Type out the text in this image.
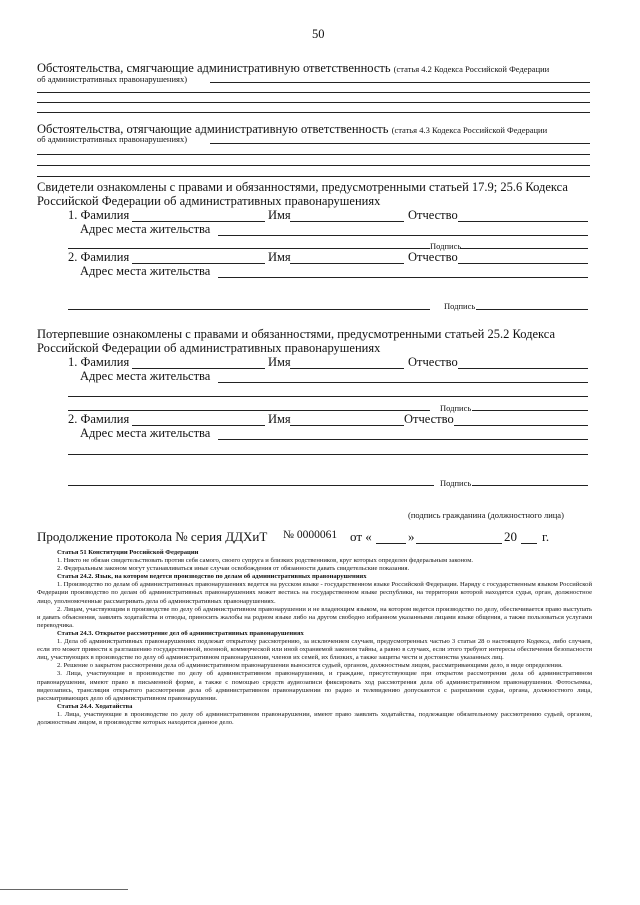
50
Обстоятельства, смягчающие административную ответственность (статья 4.2 Кодекса Российской Федерации
об административных правонарушениях)
Обстоятельства, отягчающие административную ответственность (статья 4.3 Кодекса Российской Федерации
об административных правонарушениях)
Свидетели ознакомлены с правами и обязанностями, предусмотренными статьей 17.9; 25.6 Кодекса
Российской Федерации об административных правонарушениях
1. Фамилия	Имя	Отчество
Адрес места жительства
Подпись
2. Фамилия	Имя	Отчество
Адрес места жительства
Подпись
Потерпевшие ознакомлены с правами и обязанностями, предусмотренными статьей 25.2 Кодекса
Российской Федерации об административных правонарушениях
1. Фамилия	Имя	Отчество
Адрес места жительства
Подпись
2. Фамилия	Имя	Отчество
Адрес места жительства
Подпись
(подпись гражданина (должностного лица)
Продолжение протокола № серия ДДХиТ № 0000061 от «	»	20 г.

Статья 51 Конституции Российской Федерации

1. Никто не обязан свидетельствовать против себя самого, своего супруга и близких родственников, круг которых определен федеральным законом.

2. Федеральным законом могут устанавливаться иные случаи освобождения от обязанности давать свидетельские показания.

Статья 24.2. Язык, на котором ведется производство по делам об административных правонарушениях

1. Производство по делам об административных правонарушениях ведется на русском языке - государственном языке Российской Федерации. Наряду с государственным языком Российской Федерации производство по делам об административных правонарушениях может вестись на государственном языке республики, на территории которой находятся судья, орган, должностное лицо, уполномоченные рассматривать дела об административных правонарушениях.

2. Лицам, участвующим в производстве по делу об административном правонарушении и не владеющим языком, на котором ведется производство по делу, обеспечивается право выступать и давать объяснения, заявлять ходатайства и отводы, приносить жалобы на родном языке либо на другом свободно избранном указанными лицами языке общения, а также пользоваться услугами переводчика.

Статья 24.3. Открытое рассмотрение дел об административных правонарушениях

1. Дела об административных правонарушениях подлежат открытому рассмотрению, за исключением случаев, предусмотренных частью 3 статьи 28 о настоящего Кодекса, либо случаев, если это может привести к разглашению государственной, военной, коммерческой или иной охраняемой законом тайны, а равно в случаях, если этого требуют интересы обеспечения безопасности лиц, участвующих в производстве по делу об административном правонарушении, членов их семей, их близких, а также защиты чести и достоинства указанных лиц.

2. Решение о закрытом рассмотрении дела об административном правонарушении выносится судьей, органом, должностным лицом, рассматривающими дело, в виде определения.

3. Лица, участвующие в производстве по делу об административном правонарушении, и граждане, присутствующие при открытом рассмотрении дела об административном правонарушении, имеют право в письменной форме, а также с помощью средств аудиозаписи фиксировать ход рассмотрения дела об административном правонарушении. Фотосъемка, видеозапись, трансляция открытого рассмотрения дела об административном правонарушении по радио и телевидению допускаются с разрешения судьи, органа, должностного лица, рассматривающих дело об административном правонарушении.

Статья 24.4. Ходатайства

1. Лица, участвующие в производстве по делу об административном правонарушении, имеют право заявлять ходатайства, подлежащие обязательному рассмотрению судьей, органом, должностным лицом, в производстве которых находится данное дело.
